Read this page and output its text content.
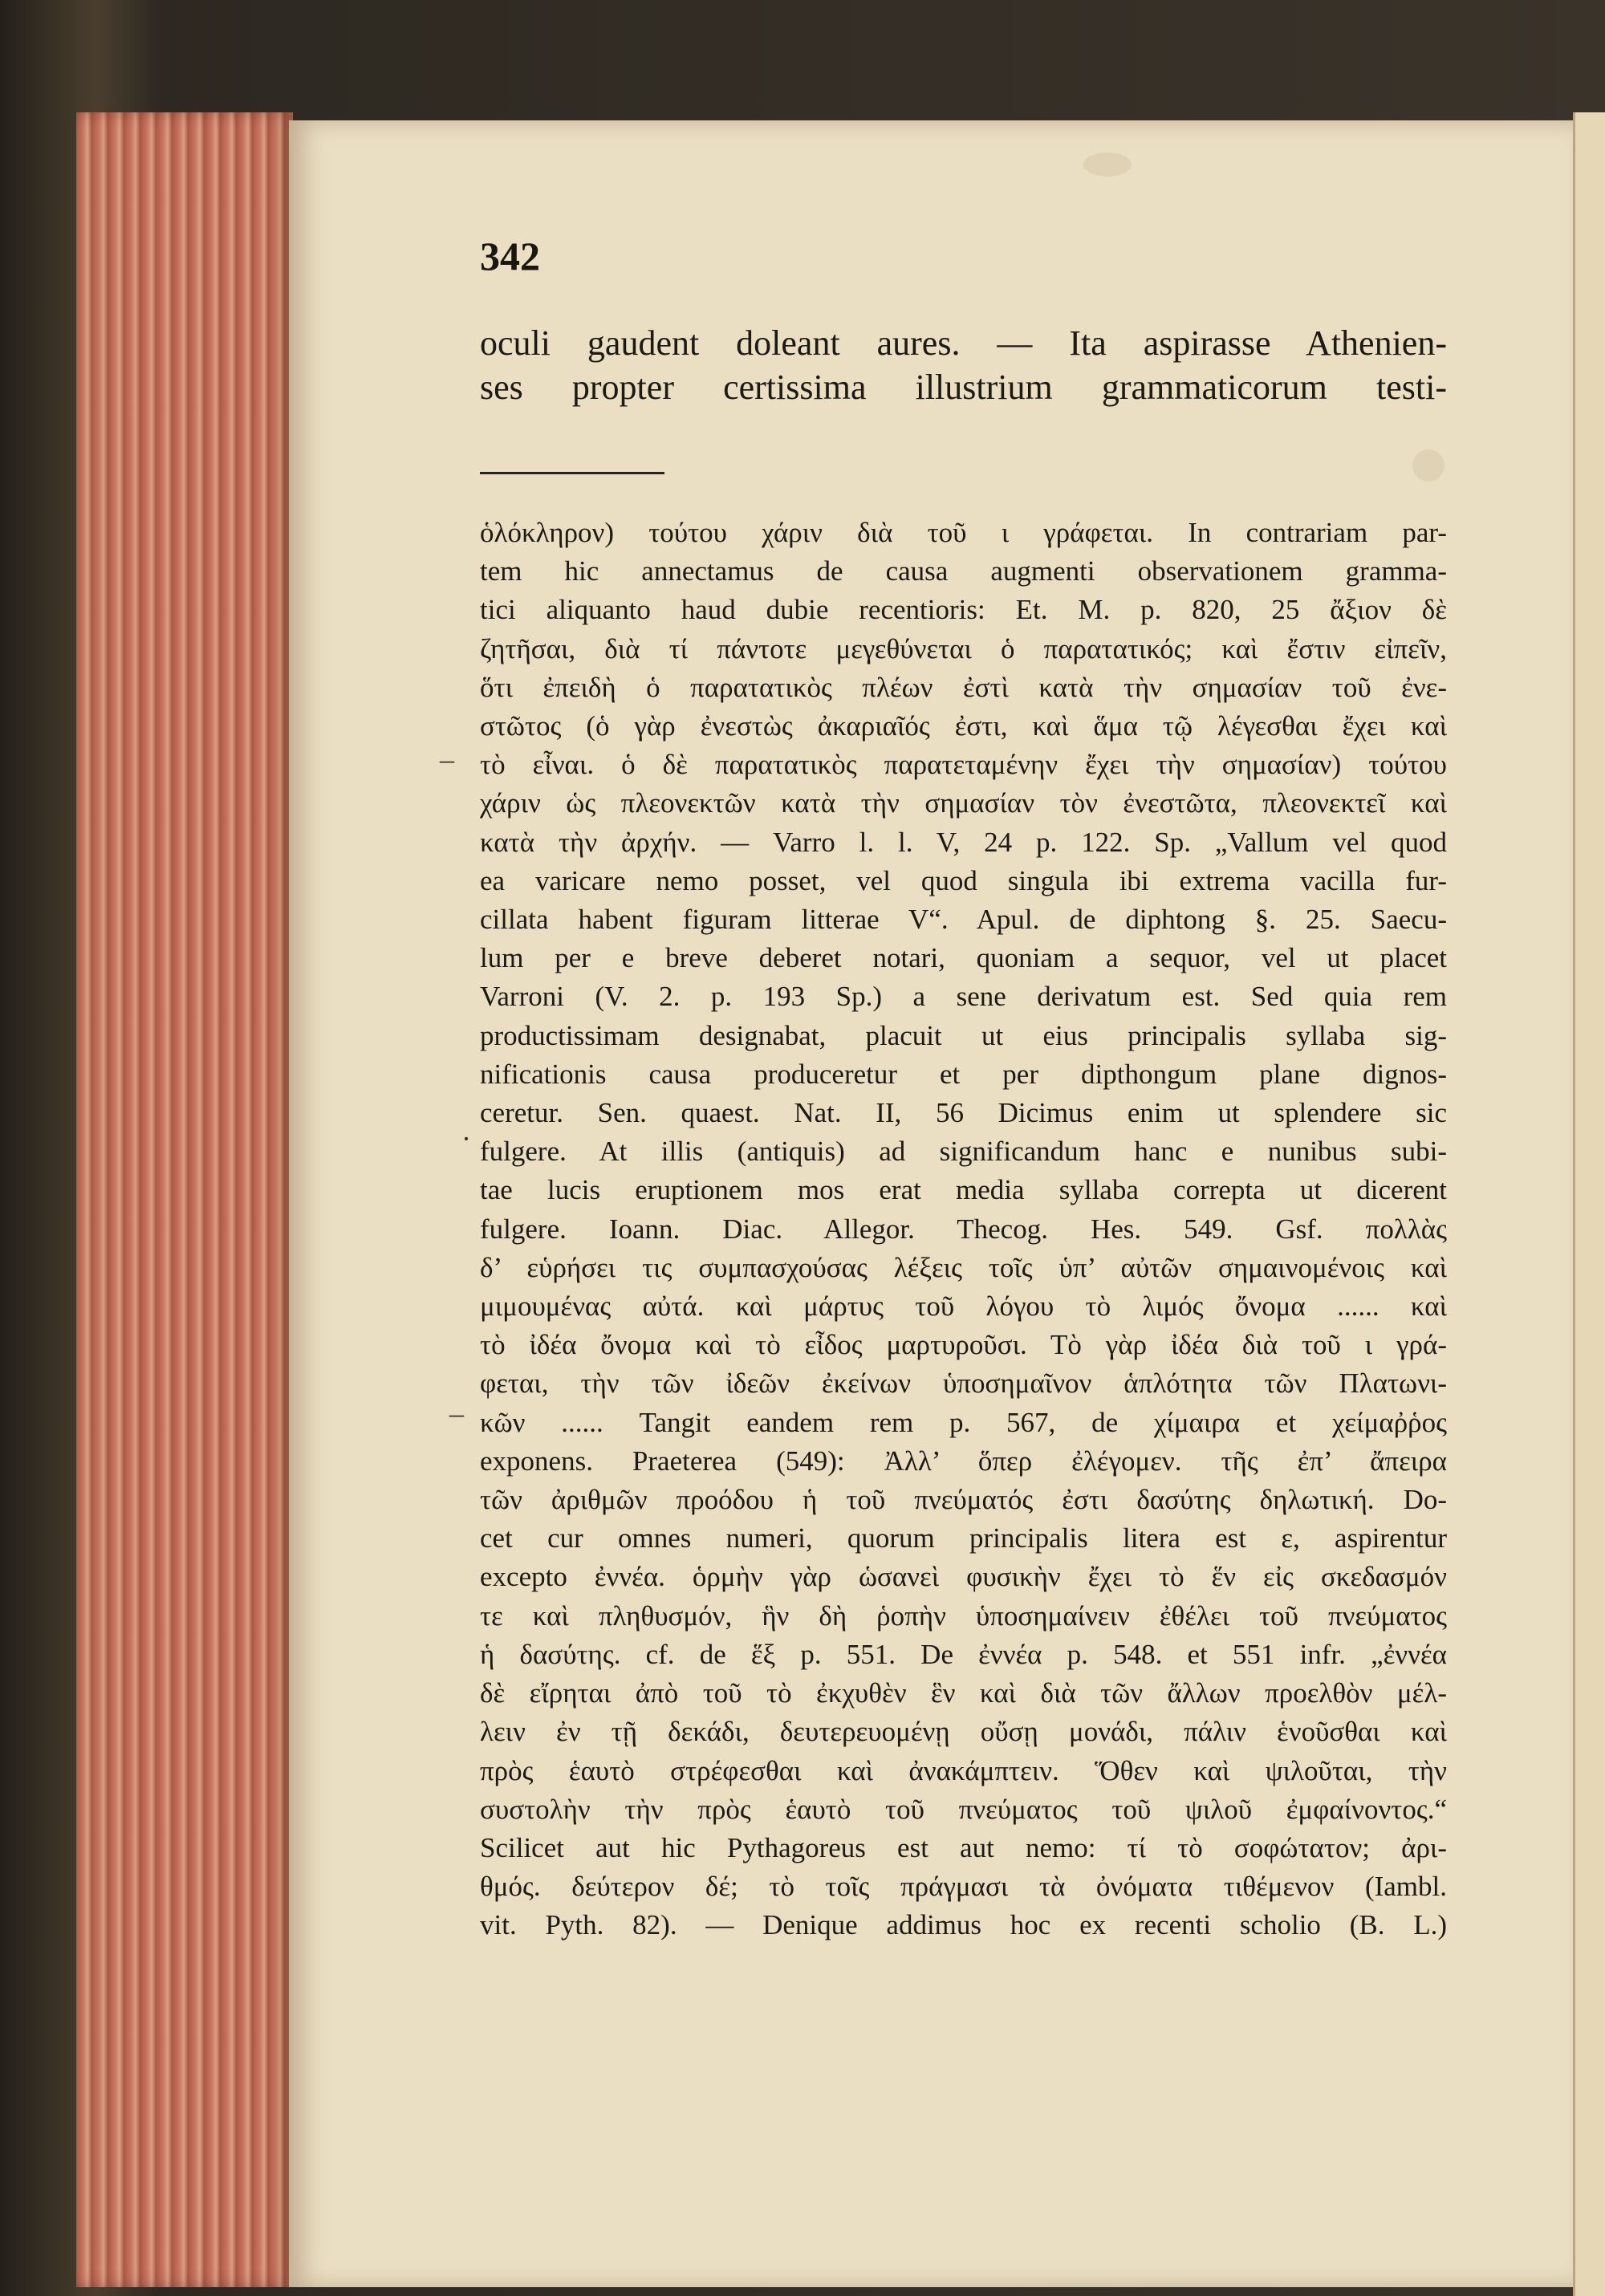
342
oculi gaudent doleant aures. — Ita aspirasse Athenien-
ses propter certissima illustrium grammaticorum testi-
–
·
–
ὁλόκληρον) τούτου χάριν διὰ τοῦ ι γράφεται. In contrariam par-
tem hic annectamus de causa augmenti observationem gramma-
tici aliquanto haud dubie recentioris: Et. M. p. 820, 25 ἄξιον δὲ
ζητῆσαι, διὰ τί πάντοτε μεγεθύνεται ὁ παρατατικός; καὶ ἔστιν εἰπεῖν,
ὅτι ἐπειδὴ ὁ παρατατικὸς πλέων ἐστὶ κατὰ τὴν σημασίαν τοῦ ἐνε-
στῶτος (ὁ γὰρ ἐνεστὼς ἀκαριαῖός ἐστι, καὶ ἅμα τῷ λέγεσθαι ἔχει καὶ
τὸ εἶναι. ὁ δὲ παρατατικὸς παρατεταμένην ἔχει τὴν σημασίαν) τούτου
χάριν ὡς πλεονεκτῶν κατὰ τὴν σημασίαν τὸν ἐνεστῶτα, πλεονεκτεῖ καὶ
κατὰ τὴν ἀρχήν. — Varro l. l. V, 24 p. 122. Sp. „Vallum vel quod
ea varicare nemo posset, vel quod singula ibi extrema vacilla fur-
cillata habent figuram litterae V“. Apul. de diphtong §. 25. Saecu-
lum per e breve deberet notari, quoniam a sequor, vel ut placet
Varroni (V. 2. p. 193 Sp.) a sene derivatum est. Sed quia rem
productissimam designabat, placuit ut eius principalis syllaba sig-
nificationis causa produceretur et per dipthongum plane dignos-
ceretur. Sen. quaest. Nat. II, 56 Dicimus enim ut splendere sic
fulgere. At illis (antiquis) ad significandum hanc e nunibus subi-
tae lucis eruptionem mos erat media syllaba correpta ut dicerent
fulgere. Ioann. Diac. Allegor. Thecog. Hes. 549. Gsf. πολλὰς
δ’ εὑρήσει τις συμπασχούσας λέξεις τοῖς ὑπ’ αὐτῶν σημαινομένοις καὶ
μιμουμένας αὐτά. καὶ μάρτυς τοῦ λόγου τὸ λιμός ὄνομα ...... καὶ
τὸ ἰδέα ὄνομα καὶ τὸ εἶδος μαρτυροῦσι. Τὸ γὰρ ἰδέα διὰ τοῦ ι γρά-
φεται, τὴν τῶν ἰδεῶν ἐκείνων ὑποσημαῖνον ἁπλότητα τῶν Πλατωνι-
κῶν ...... Tangit eandem rem p. 567, de χίμαιρα et χείμαῤῥος
exponens. Praeterea (549): Ἀλλ’ ὅπερ ἐλέγομεν. τῆς ἐπ’ ἄπειρα
τῶν ἀριθμῶν προόδου ἡ τοῦ πνεύματός ἐστι δασύτης δηλωτική. Do-
cet cur omnes numeri, quorum principalis litera est ε, aspirentur
excepto ἐννέα. ὁρμὴν γὰρ ὡσανεὶ φυσικὴν ἔχει τὸ ἕν εἰς σκεδασμόν
τε καὶ πληθυσμόν, ἣν δὴ ῥοπὴν ὑποσημαίνειν ἐθέλει τοῦ πνεύματος
ἡ δασύτης. cf. de ἕξ p. 551. De ἐννέα p. 548. et 551 infr. „ἐννέα
δὲ εἴρηται ἀπὸ τοῦ τὸ ἐκχυθὲν ἓν καὶ διὰ τῶν ἄλλων προελθὸν μέλ-
λειν ἐν τῇ δεκάδι, δευτερευομένῃ οὔσῃ μονάδι, πάλιν ἑνοῦσθαι καὶ
πρὸς ἑαυτὸ στρέφεσθαι καὶ ἀνακάμπτειν. Ὅθεν καὶ ψιλοῦται, τὴν
συστολὴν τὴν πρὸς ἑαυτὸ τοῦ πνεύματος τοῦ ψιλοῦ ἐμφαίνοντος.“
Scilicet aut hic Pythagoreus est aut nemo: τί τὸ σοφώτατον; ἀρι-
θμός. δεύτερον δέ; τὸ τοῖς πράγμασι τὰ ὀνόματα τιθέμενον (Iambl.
vit. Pyth. 82). — Denique addimus hoc ex recenti scholio (B. L.)
